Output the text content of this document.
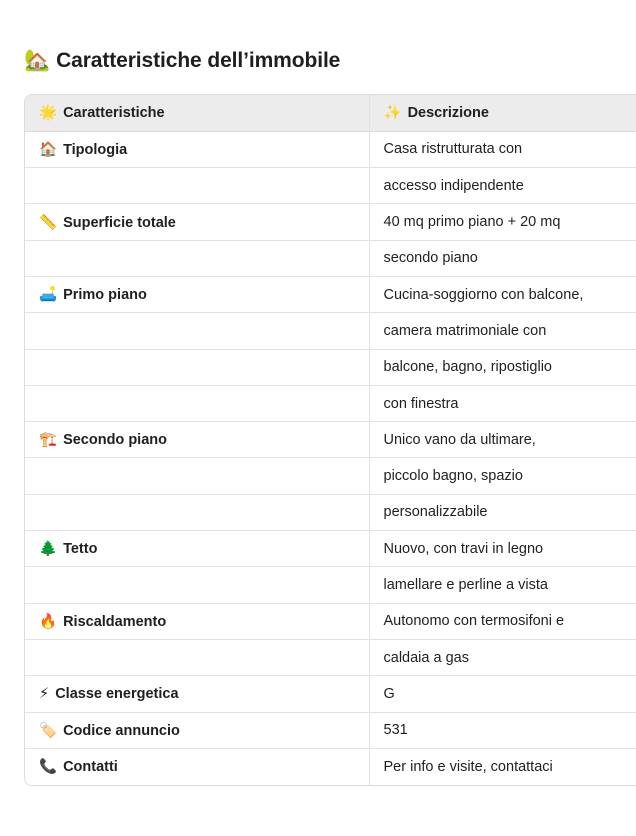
🏡 Caratteristiche dell’immobile
🌟 Caratteristiche	✨ Descrizione
🏠 Tipologia	Casa ristrutturata con
	accesso indipendente
📏 Superficie totale	40 mq primo piano + 20 mq
	secondo piano
🛋️ Primo piano	Cucina-soggiorno con balcone,
	camera matrimoniale con
	balcone, bagno, ripostiglio
	con finestra
🏗️ Secondo piano	Unico vano da ultimare,
	piccolo bagno, spazio
	personalizzabile
🌲 Tetto	Nuovo, con travi in legno
	lamellare e perline a vista
🔥 Riscaldamento	Autonomo con termosifoni e
	caldaia a gas
⚡ Classe energetica	G
🏷️ Codice annuncio	531
📞 Contatti	Per info e visite, contattaci
